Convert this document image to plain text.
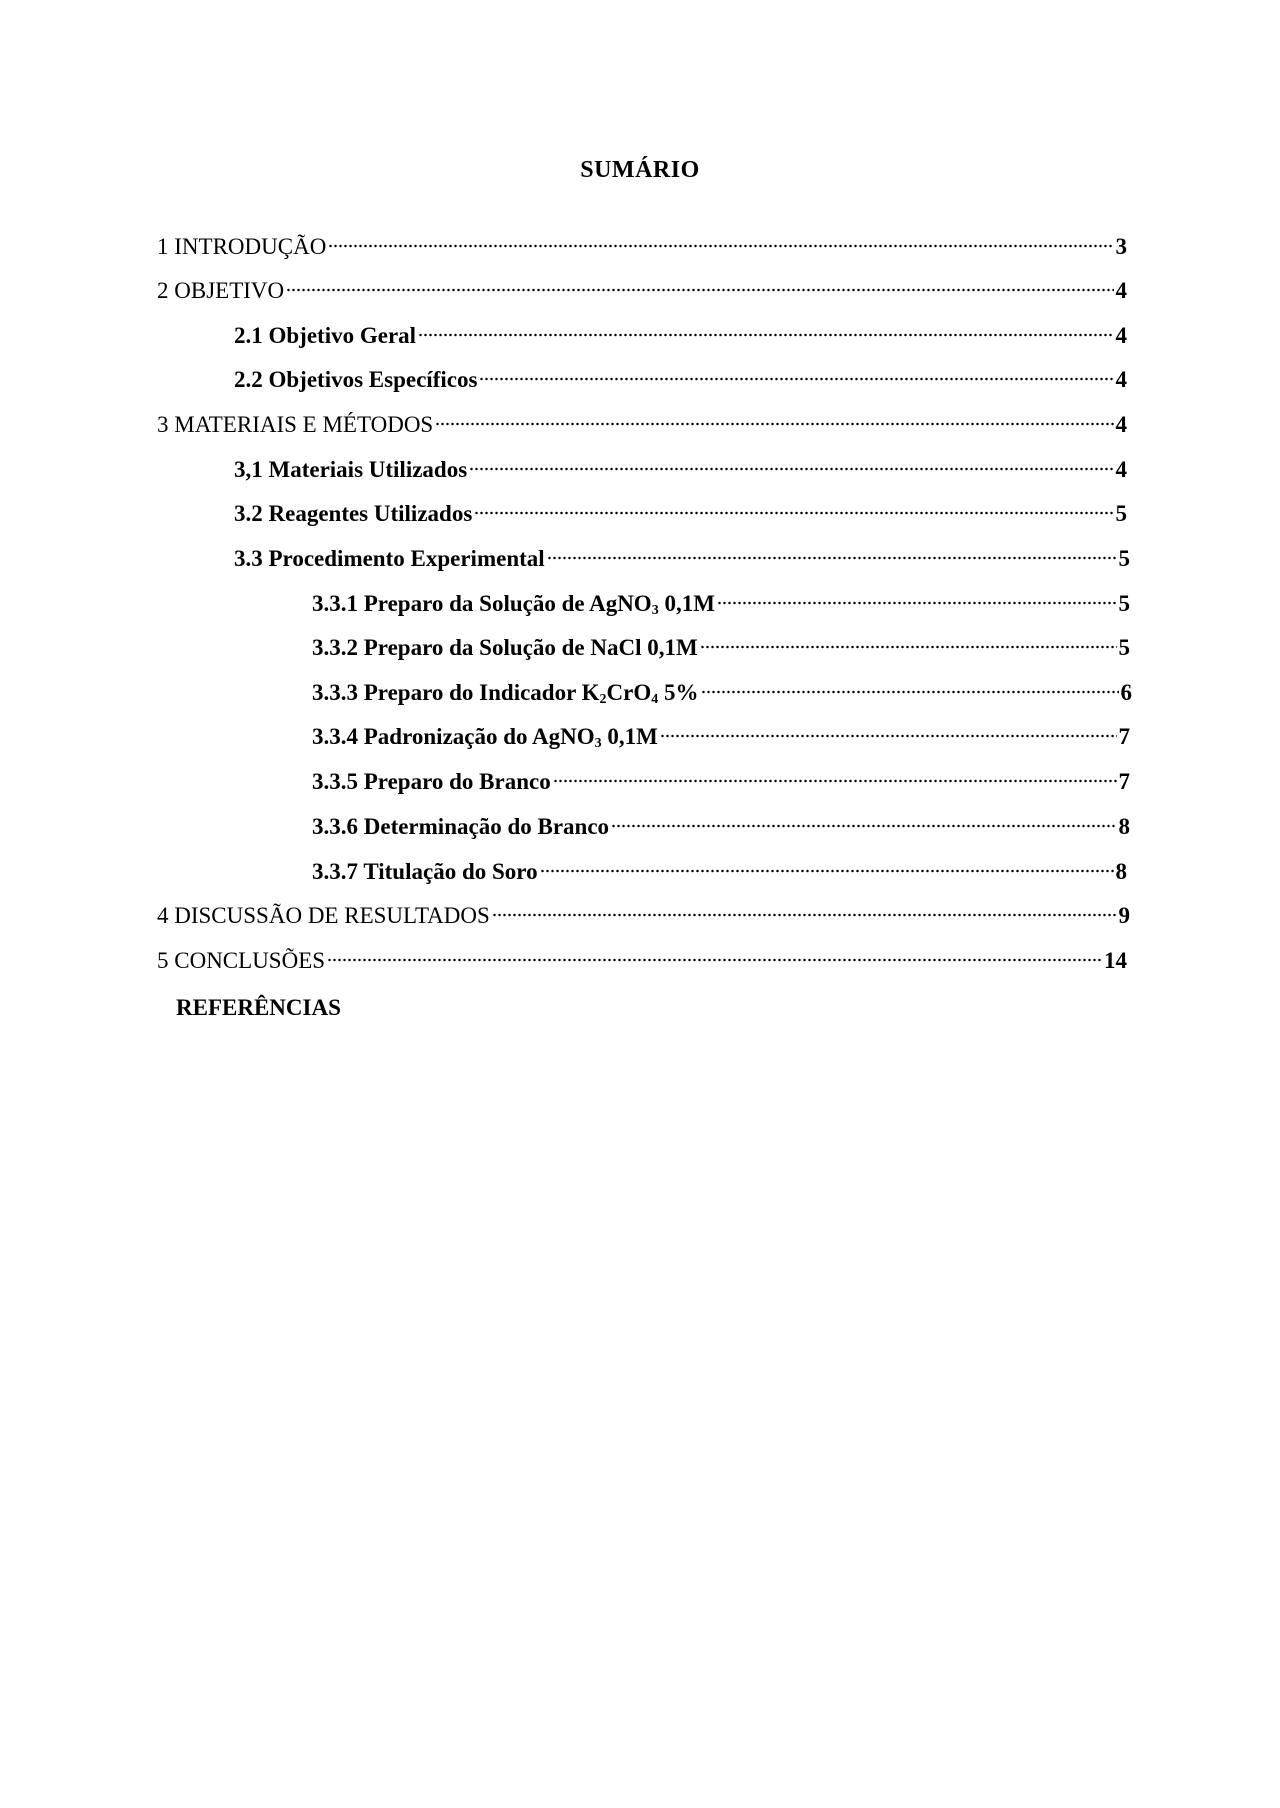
SUMÁRIO
1 INTRODUÇÃO	3
2 OBJETIVO	4
2.1 Objetivo Geral	4
2.2 Objetivos Específicos	4
3 MATERIAIS E MÉTODOS	4
3,1 Materiais Utilizados	4
3.2 Reagentes Utilizados	5
3.3 Procedimento Experimental	5
3.3.1 Preparo da Solução de AgNO$_3$ 0,1M	5
3.3.2 Preparo da Solução de NaCl 0,1M	5
3.3.3 Preparo do Indicador $K_2CrO_4$ 5%	6
3.3.4 Padronização do AgNO$_3$ 0,1M	7
3.3.5 Preparo do Branco	7
3.3.6 Determinação do Branco	8
3.3.7 Titulação do Soro	8
4 DISCUSSÃO DE RESULTADOS	9
5 CONCLUSÕES	14
REFERÊNCIAS
